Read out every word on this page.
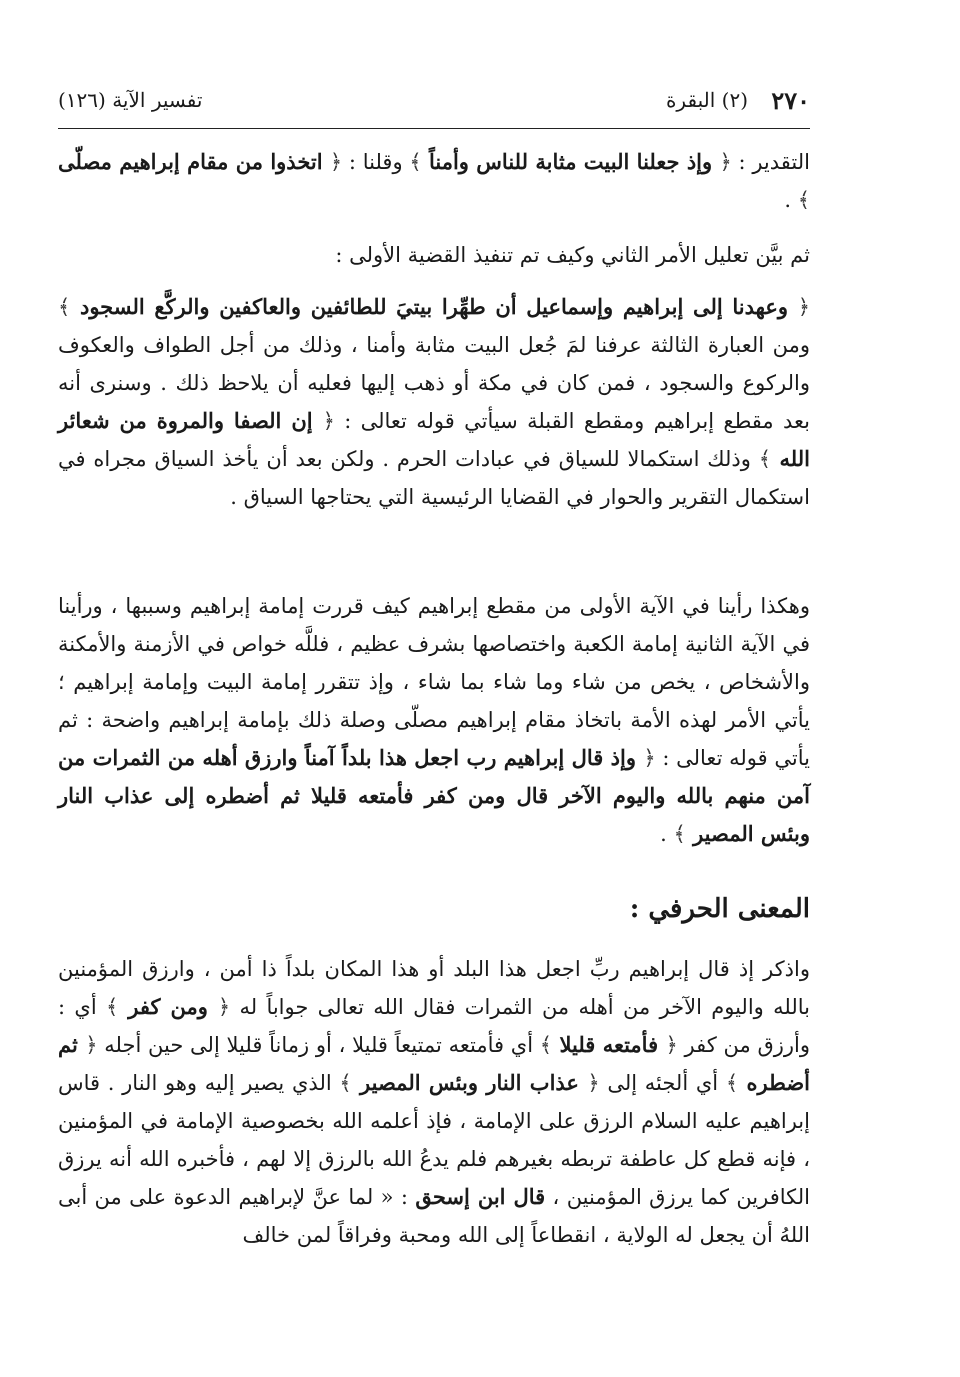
٢٧٠
(٢) البقرة
تفسير الآية (١٢٦)
التقدير : ﴿ وإذ جعلنا البيت مثابة للناس وأمناً ﴾ وقلنا : ﴿ اتخذوا من مقام إبراهيم مصلّى ﴾ .
ثم بيَّن تعليل الأمر الثاني وكيف تم تنفيذ القضية الأولى :
﴿ وعهدنا إلى إبراهيم وإسماعيل أن طهِّرا بيتيَ للطائفين والعاكفين والركَّع السجود ﴾ ومن العبارة الثالثة عرفنا لمَ جُعل البيت مثابة وأمنا ، وذلك من أجل الطواف والعكوف والركوع والسجود ، فمن كان في مكة أو ذهب إليها فعليه أن يلاحظ ذلك . وسنرى أنه بعد مقطع إبراهيم ومقطع القبلة سيأتي قوله تعالى : ﴿ إن الصفا والمروة من شعائر الله ﴾ وذلك استكمالا للسياق في عبادات الحرم . ولكن بعد أن يأخذ السياق مجراه في استكمال التقرير والحوار في القضايا الرئيسية التي يحتاجها السياق .
وهكذا رأينا في الآية الأولى من مقطع إبراهيم كيف قررت إمامة إبراهيم وسببها ، ورأينا في الآية الثانية إمامة الكعبة واختصاصها بشرف عظيم ، فللَّه خواص في الأزمنة والأمكنة والأشخاص ، يخص من شاء وما شاء بما شاء ، وإذ تتقرر إمامة البيت وإمامة إبراهيم ؛ يأتي الأمر لهذه الأمة باتخاذ مقام إبراهيم مصلّى وصلة ذلك بإمامة إبراهيم واضحة : ثم يأتي قوله تعالى : ﴿ وإذ قال إبراهيم رب اجعل هذا بلداً آمناً وارزق أهله من الثمرات من آمن منهم بالله واليوم الآخر قال ومن كفر فأمتعه قليلا ثم أضطره إلى عذاب النار وبئس المصير ﴾ .
المعنى الحرفي :
واذكر إذ قال إبراهيم ربِّ اجعل هذا البلد أو هذا المكان بلداً ذا أمن ، وارزق المؤمنين بالله واليوم الآخر من أهله من الثمرات فقال الله تعالى جواباً له ﴿ ومن كفر ﴾ أي : وأرزق من كفر ﴿ فأمتعه قليلا ﴾ أي فأمتعه تمتيعاً قليلا ، أو زماناً قليلا إلى حين أجله ﴿ ثم أضطره ﴾ أي ألجئه إلى ﴿ عذاب النار وبئس المصير ﴾ الذي يصير إليه وهو النار . قاس إبراهيم عليه السلام الرزق على الإمامة ، فإذ أعلمه الله بخصوصية الإمامة في المؤمنين ، فإنه قطع كل عاطفة تربطه بغيرهم فلم يدعُ الله بالرزق إلا لهم ، فأخبره الله أنه يرزق الكافرين كما يرزق المؤمنين ، قال ابن إسحق : « لما عنَّ لإبراهيم الدعوة على من أبى اللهُ أن يجعل له الولاية ، انقطاعاً إلى الله ومحبة وفراقاً لمن خالف
